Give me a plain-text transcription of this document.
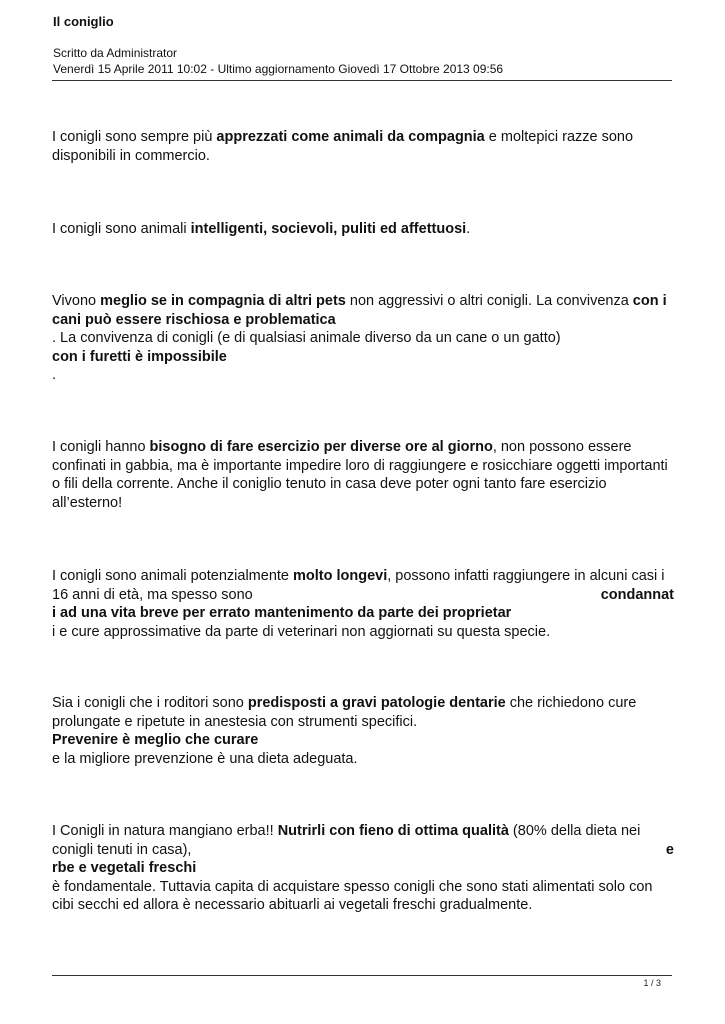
Il coniglio
Scritto da Administrator
Venerdì 15 Aprile 2011 10:02 - Ultimo aggiornamento Giovedì 17 Ottobre 2013 09:56

I conigli sono sempre più apprezzati come animali da compagnia e moltepici razze sono disponibili in commercio.

I conigli sono animali intelligenti, socievoli, puliti ed affettuosi.

Vivono meglio se in compagnia di altri pets non aggressivi o altri conigli. La convivenza con i cani può essere rischiosa e problematica
. La convivenza di conigli (e di qualsiasi animale diverso da un cane o un gatto)
con i furetti è impossibile
.

I conigli hanno bisogno di fare esercizio per diverse ore al giorno, non possono essere confinati in gabbia, ma è importante impedire loro di raggiungere e rosicchiare oggetti importanti o fili della corrente. Anche il coniglio tenuto in casa deve poter ogni tanto fare esercizio all’esterno!

I conigli sono animali potenzialmente molto longevi, possono infatti raggiungere in alcuni casi i
16 anni di età, ma spesso sono	condannat
i ad una vita breve per errato mantenimento da parte dei proprietar
i e cure approssimative da parte di veterinari non aggiornati su questa specie.
Sia i conigli che i roditori sono predisposti a gravi patologie dentarie che richiedono cure prolungate e ripetute in anestesia con strumenti specifici.
Prevenire è meglio che curare
e la migliore prevenzione è una dieta adeguata.
I Conigli in natura mangiano erba!! Nutrirli con fieno di ottima qualità (80% della dieta nei
conigli tenuti in casa),	e
rbe e vegetali freschi
è fondamentale. Tuttavia capita di acquistare spesso conigli che sono stati alimentati solo con cibi secchi ed allora è necessario abituarli ai vegetali freschi gradualmente.
1 / 3
